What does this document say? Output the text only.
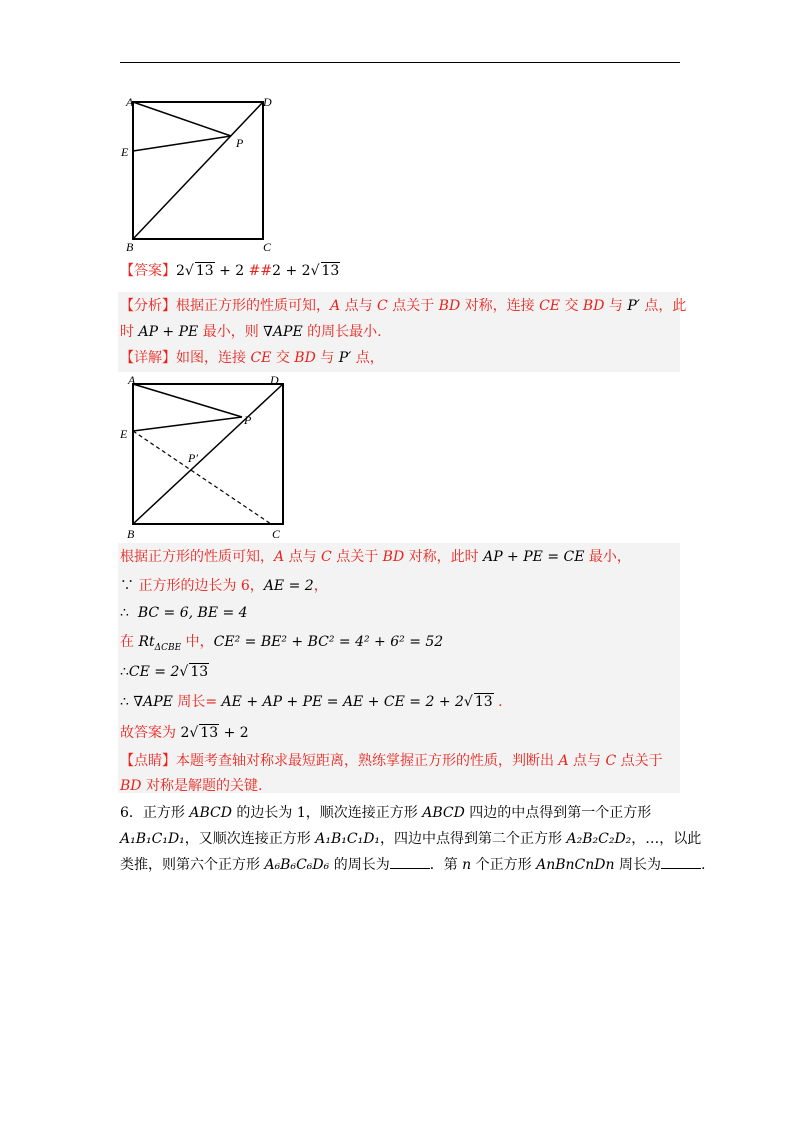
A	D
E
P
B	C
【答案】2√ 13 + 2 ##2 + 2√ 13
【分析】根据正方形的性质可知，A 点与 C 点关于 BD 对称，连接 CE 交 BD 与 P′ 点，此
时 AP + PE 最小，则 ∇APE 的周长最小.
【详解】如图，连接 CE 交 BD 与 P′ 点，
A	D
E
P
P′
B	C
根据正方形的性质可知，A 点与 C 点关于 BD 对称，此时 AP + PE = CE 最小，
∵ 正方形的边长为 6，AE = 2，
∴ BC = 6, BE = 4
在 $Rt_{\Delta CBE}$ 中，CE² = BE² + BC² = 4² + 6² = 52
∴CE = 2√ 13
∴ ∇APE 周长= AE + AP + PE = AE + CE = 2 + 2√ 13 .
故答案为 2√ 13 + 2
【点睛】本题考查轴对称求最短距离，熟练掌握正方形的性质，判断出 A 点与 C 点关于
BD 对称是解题的关键.
6．正方形 ABCD 的边长为 1，顺次连接正方形 ABCD 四边的中点得到第一个正方形
A₁B₁C₁D₁，又顺次连接正方形 A₁B₁C₁D₁，四边中点得到第二个正方形 A₂B₂C₂D₂，…，以此
类推，则第六个正方形 A₆B₆C₆D₆ 的周长为	．第 n 个正方形 AnBnCnDn 周长为	.
